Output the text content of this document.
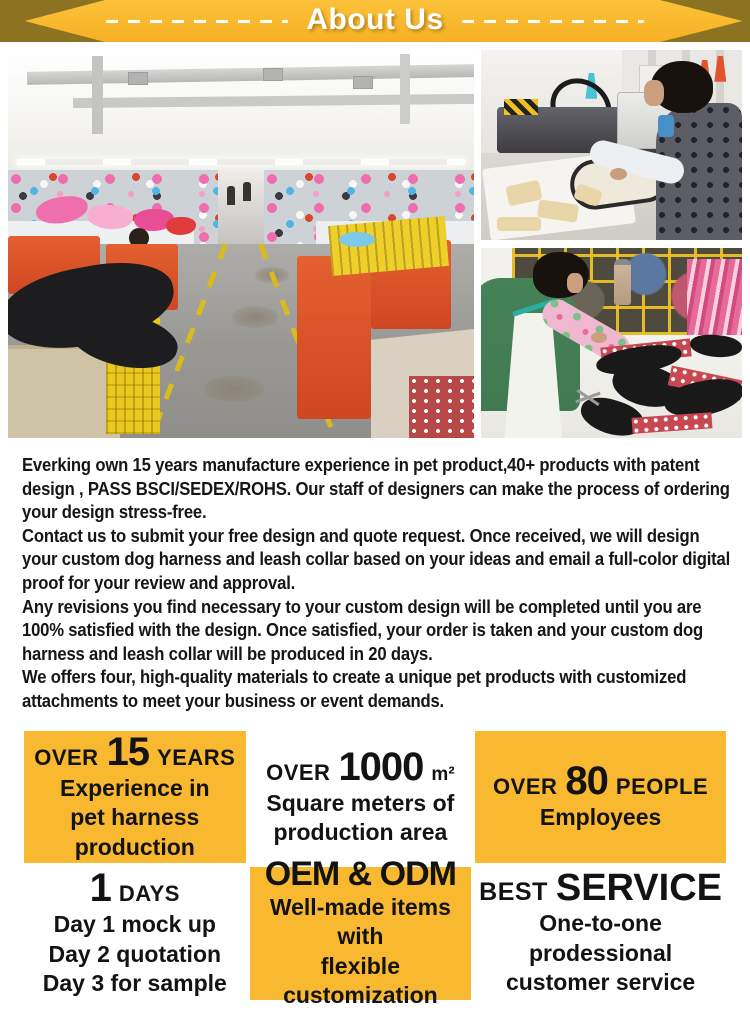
About Us

Everking own 15 years manufacture experience in pet product,40+ products with patent design , PASS BSCI/SEDEX/ROHS. Our staff of designers can make the process of ordering your design stress-free.

Contact us to submit your free design and quote request. Once received, we will design your custom dog harness and leash collar based on your ideas and email a full-color digital proof for your review and approval.

Any revisions you find necessary to your custom design will be completed until you are 100% satisfied with the design. Once satisfied, your order is taken and your custom dog harness and leash collar will be produced in 20 days.

We offers four, high-quality materials to create a unique pet products with customized attachments to meet your business or event demands.

OVER 15 YEARS
Experience in
pet harness production
OVER 1000 m²
Square meters of
production area
OVER 80 PEOPLE
Employees
1 DAYS
Day 1 mock up
Day 2 quotation
Day 3 for sample
OEM & ODM
Well-made items with
flexible customization
BEST SERVICE
One-to-one
prodessional
customer service
